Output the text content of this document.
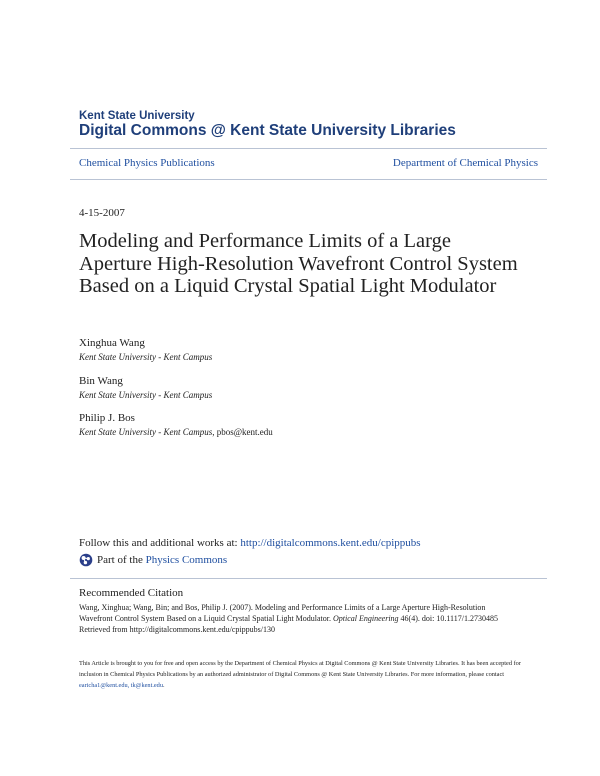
Kent State University
Digital Commons @ Kent State University Libraries
Chemical Physics Publications	Department of Chemical Physics
4-15-2007
Modeling and Performance Limits of a Large Aperture High-Resolution Wavefront Control System Based on a Liquid Crystal Spatial Light Modulator
Xinghua Wang
Kent State University - Kent Campus
Bin Wang
Kent State University - Kent Campus
Philip J. Bos
Kent State University - Kent Campus, pbos@kent.edu
Follow this and additional works at: http://digitalcommons.kent.edu/cpippubs
Part of the
Physics Commons
Recommended Citation
Wang, Xinghua; Wang, Bin; and Bos, Philip J. (2007). Modeling and Performance Limits of a Large Aperture High-Resolution Wavefront Control System Based on a Liquid Crystal Spatial Light Modulator. Optical Engineering 46(4). doi: 10.1117/1.2730485
Retrieved from http://digitalcommons.kent.edu/cpippubs/130
This Article is brought to you for free and open access by the Department of Chemical Physics at Digital Commons @ Kent State University Libraries. It has been accepted for inclusion in Chemical Physics Publications by an authorized administrator of Digital Commons @ Kent State University Libraries. For more information, please contact earicha1@kent.edu, tk@kent.edu.
